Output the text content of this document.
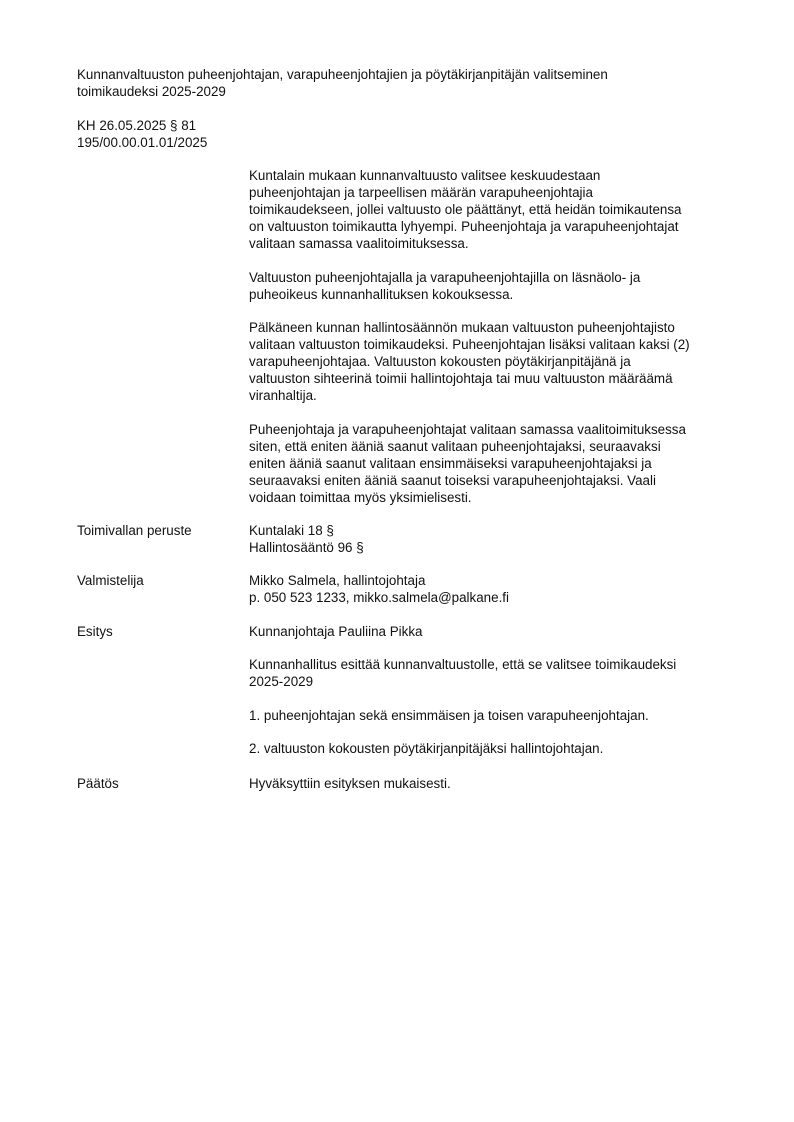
Kunnanvaltuuston puheenjohtajan, varapuheenjohtajien ja pöytäkirjanpitäjän valitseminen
toimikaudeksi 2025-2029
KH 26.05.2025 § 81
195/00.00.01.01/2025
Kuntalain mukaan kunnanvaltuusto valitsee keskuudestaan
puheenjohtajan ja tarpeellisen määrän varapuheenjohtajia
toimikaudekseen, jollei valtuusto ole päättänyt, että heidän toimikautensa
on valtuuston toimikautta lyhyempi. Puheenjohtaja ja varapuheenjohtajat
valitaan samassa vaalitoimituksessa.
Valtuuston puheenjohtajalla ja varapuheenjohtajilla on läsnäolo- ja
puheoikeus kunnanhallituksen kokouksessa.
Pälkäneen kunnan hallintosäännön mukaan valtuuston puheenjohtajisto
valitaan valtuuston toimikaudeksi. Puheenjohtajan lisäksi valitaan kaksi (2)
varapuheenjohtajaa. Valtuuston kokousten pöytäkirjanpitäjänä ja
valtuuston sihteerinä toimii hallintojohtaja tai muu valtuuston määräämä
viranhaltija.
Puheenjohtaja ja varapuheenjohtajat valitaan samassa vaalitoimituksessa
siten, että eniten ääniä saanut valitaan puheenjohtajaksi, seuraavaksi
eniten ääniä saanut valitaan ensimmäiseksi varapuheenjohtajaksi ja
seuraavaksi eniten ääniä saanut toiseksi varapuheenjohtajaksi. Vaali
voidaan toimittaa myös yksimielisesti.
Toimivallan peruste	Kuntalaki 18 §
Hallintosääntö 96 §
Valmistelija	Mikko Salmela, hallintojohtaja
p. 050 523 1233, mikko.salmela@palkane.fi
Esitys	Kunnanjohtaja Pauliina Pikka
Kunnanhallitus esittää kunnanvaltuustolle, että se valitsee toimikaudeksi
2025-2029
1. puheenjohtajan sekä ensimmäisen ja toisen varapuheenjohtajan.
2. valtuuston kokousten pöytäkirjanpitäjäksi hallintojohtajan.
Päätös	Hyväksyttiin esityksen mukaisesti.
